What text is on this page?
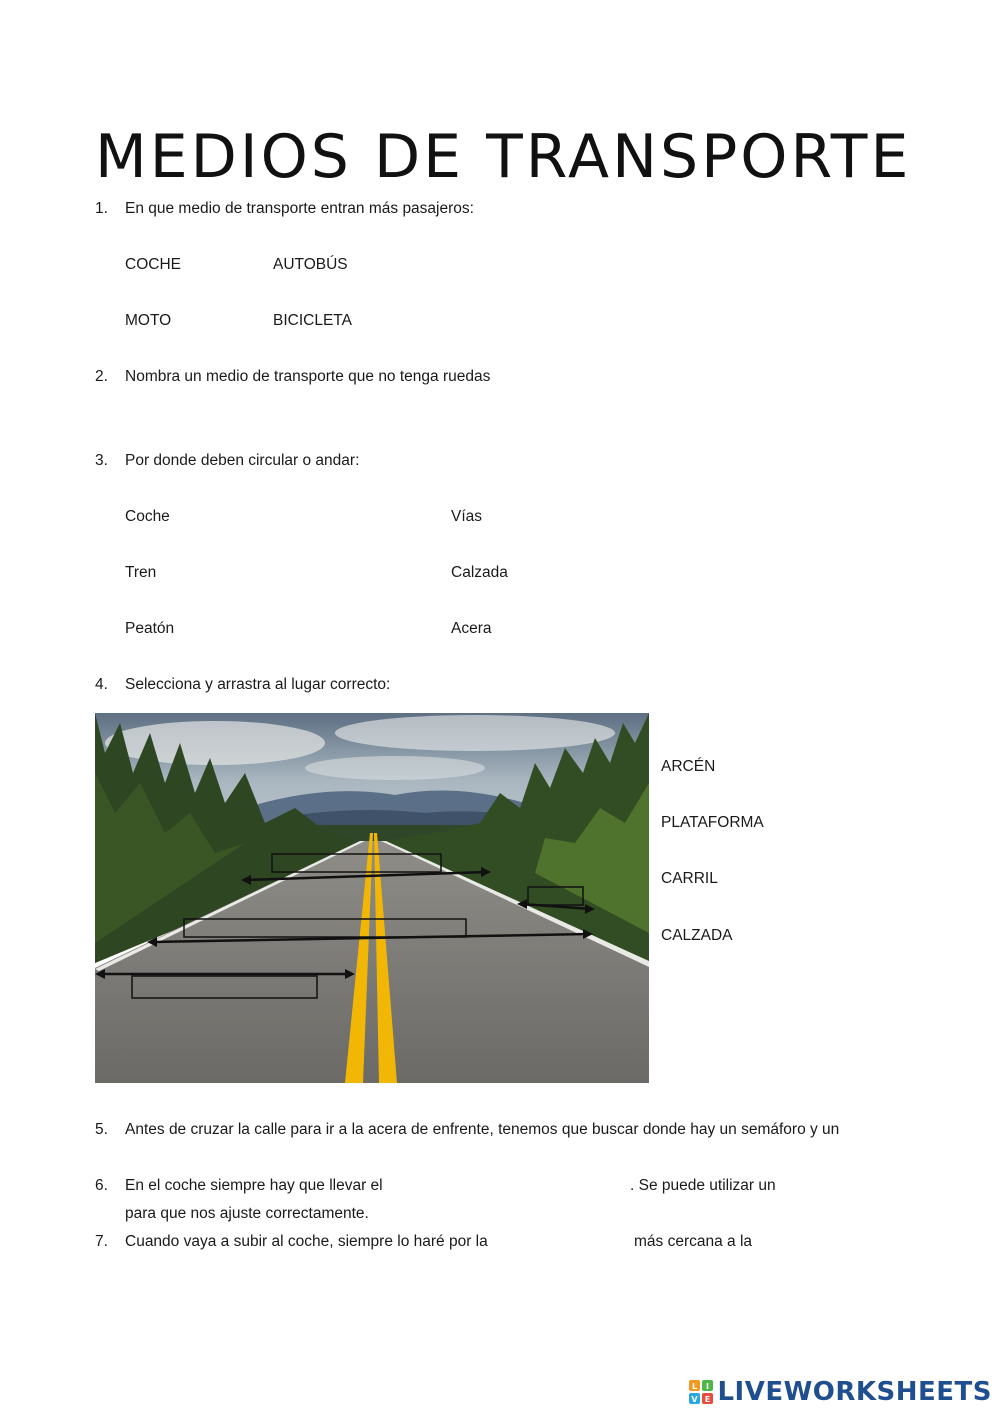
MEDIOS DE TRANSPORTE
1. En que medio de transporte entran más pasajeros:
COCHE	AUTOBÚS
MOTO	BICICLETA
2. Nombra un medio de transporte que no tenga ruedas
3. Por donde deben circular o andar:
Coche	Vías
Tren	Calzada
Peatón	Acera
4. Selecciona y arrastra al lugar correcto:
ARCÉN
PLATAFORMA
CARRIL
CALZADA
5. Antes de cruzar la calle para ir a la acera de enfrente, tenemos que buscar donde hay un semáforo y un
6. En el coche siempre hay que llevar el	. Se puede utilizar un
para que nos ajuste correctamente.
7. Cuando vaya a subir al coche, siempre lo haré por la	más cercana a la
L I
V E LIVEWORKSHEETS
